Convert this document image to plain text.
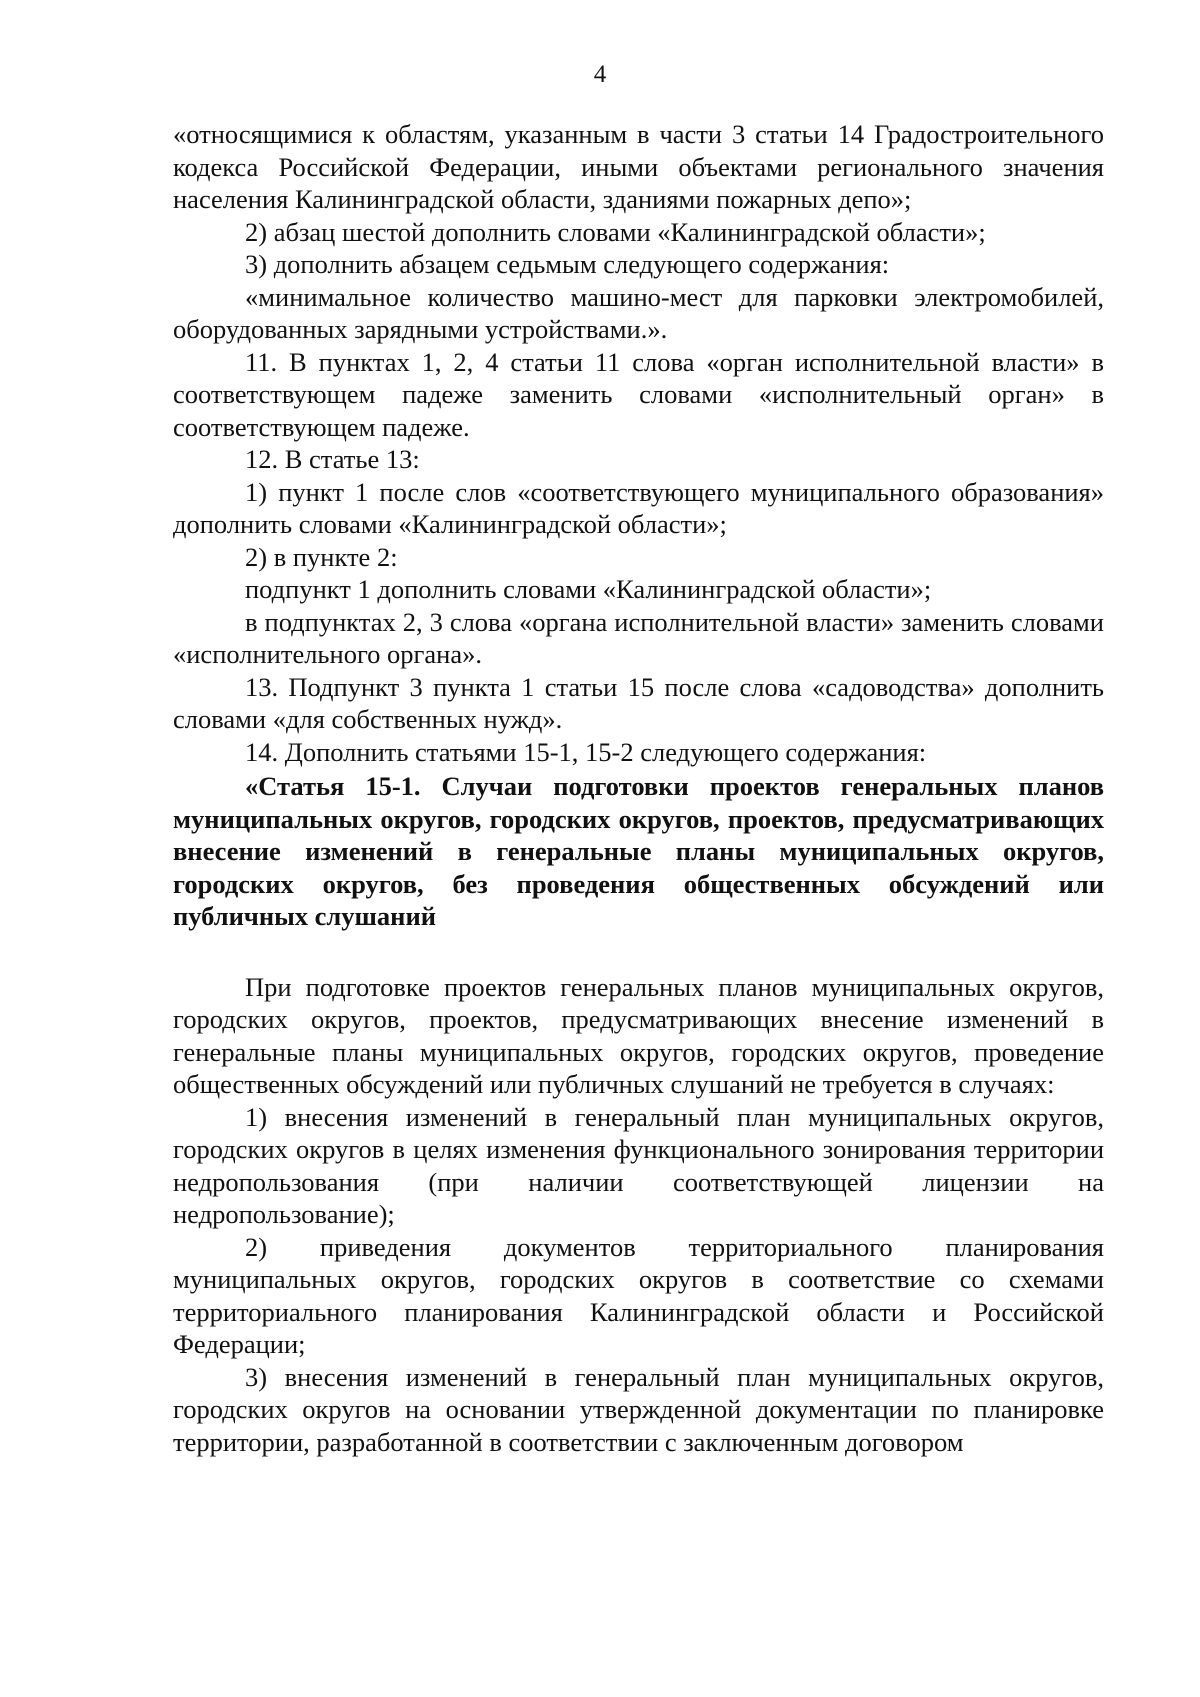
4

«относящимися к областям, указанным в части 3 статьи 14 Градостроительного кодекса Российской Федерации, иными объектами регионального значения населения Калининградской области, зданиями пожарных депо»;

2) абзац шестой дополнить словами «Калининградской области»;

3) дополнить абзацем седьмым следующего содержания:

«минимальное количество машино-мест для парковки электромобилей, оборудованных зарядными устройствами.».

11. В пунктах 1, 2, 4 статьи 11 слова «орган исполнительной власти» в соответствующем падеже заменить словами «исполнительный орган» в соответствующем падеже.

12. В статье 13:

1) пункт 1 после слов «соответствующего муниципального образования» дополнить словами «Калининградской области»;

2) в пункте 2:

подпункт 1 дополнить словами «Калининградской области»;

в подпунктах 2, 3 слова «органа исполнительной власти» заменить словами «исполнительного органа».

13. Подпункт 3 пункта 1 статьи 15 после слова «садоводства» дополнить словами «для собственных нужд».

14. Дополнить статьями 15-1, 15-2 следующего содержания:

«Статья 15-1. Случаи подготовки проектов генеральных планов муниципальных округов, городских округов, проектов, предусматривающих внесение изменений в генеральные планы муниципальных округов, городских округов, без проведения общественных обсуждений или публичных слушаний

При подготовке проектов генеральных планов муниципальных округов, городских округов, проектов, предусматривающих внесение изменений в генеральные планы муниципальных округов, городских округов, проведение общественных обсуждений или публичных слушаний не требуется в случаях:

1) внесения изменений в генеральный план муниципальных округов, городских округов в целях изменения функционального зонирования территории недропользования (при наличии соответствующей лицензии на недропользование);

2) приведения документов территориального планирования муниципальных округов, городских округов в соответствие со схемами территориального планирования Калининградской области и Российской Федерации;

3) внесения изменений в генеральный план муниципальных округов, городских округов на основании утвержденной документации по планировке территории, разработанной в соответствии с заключенным договором
